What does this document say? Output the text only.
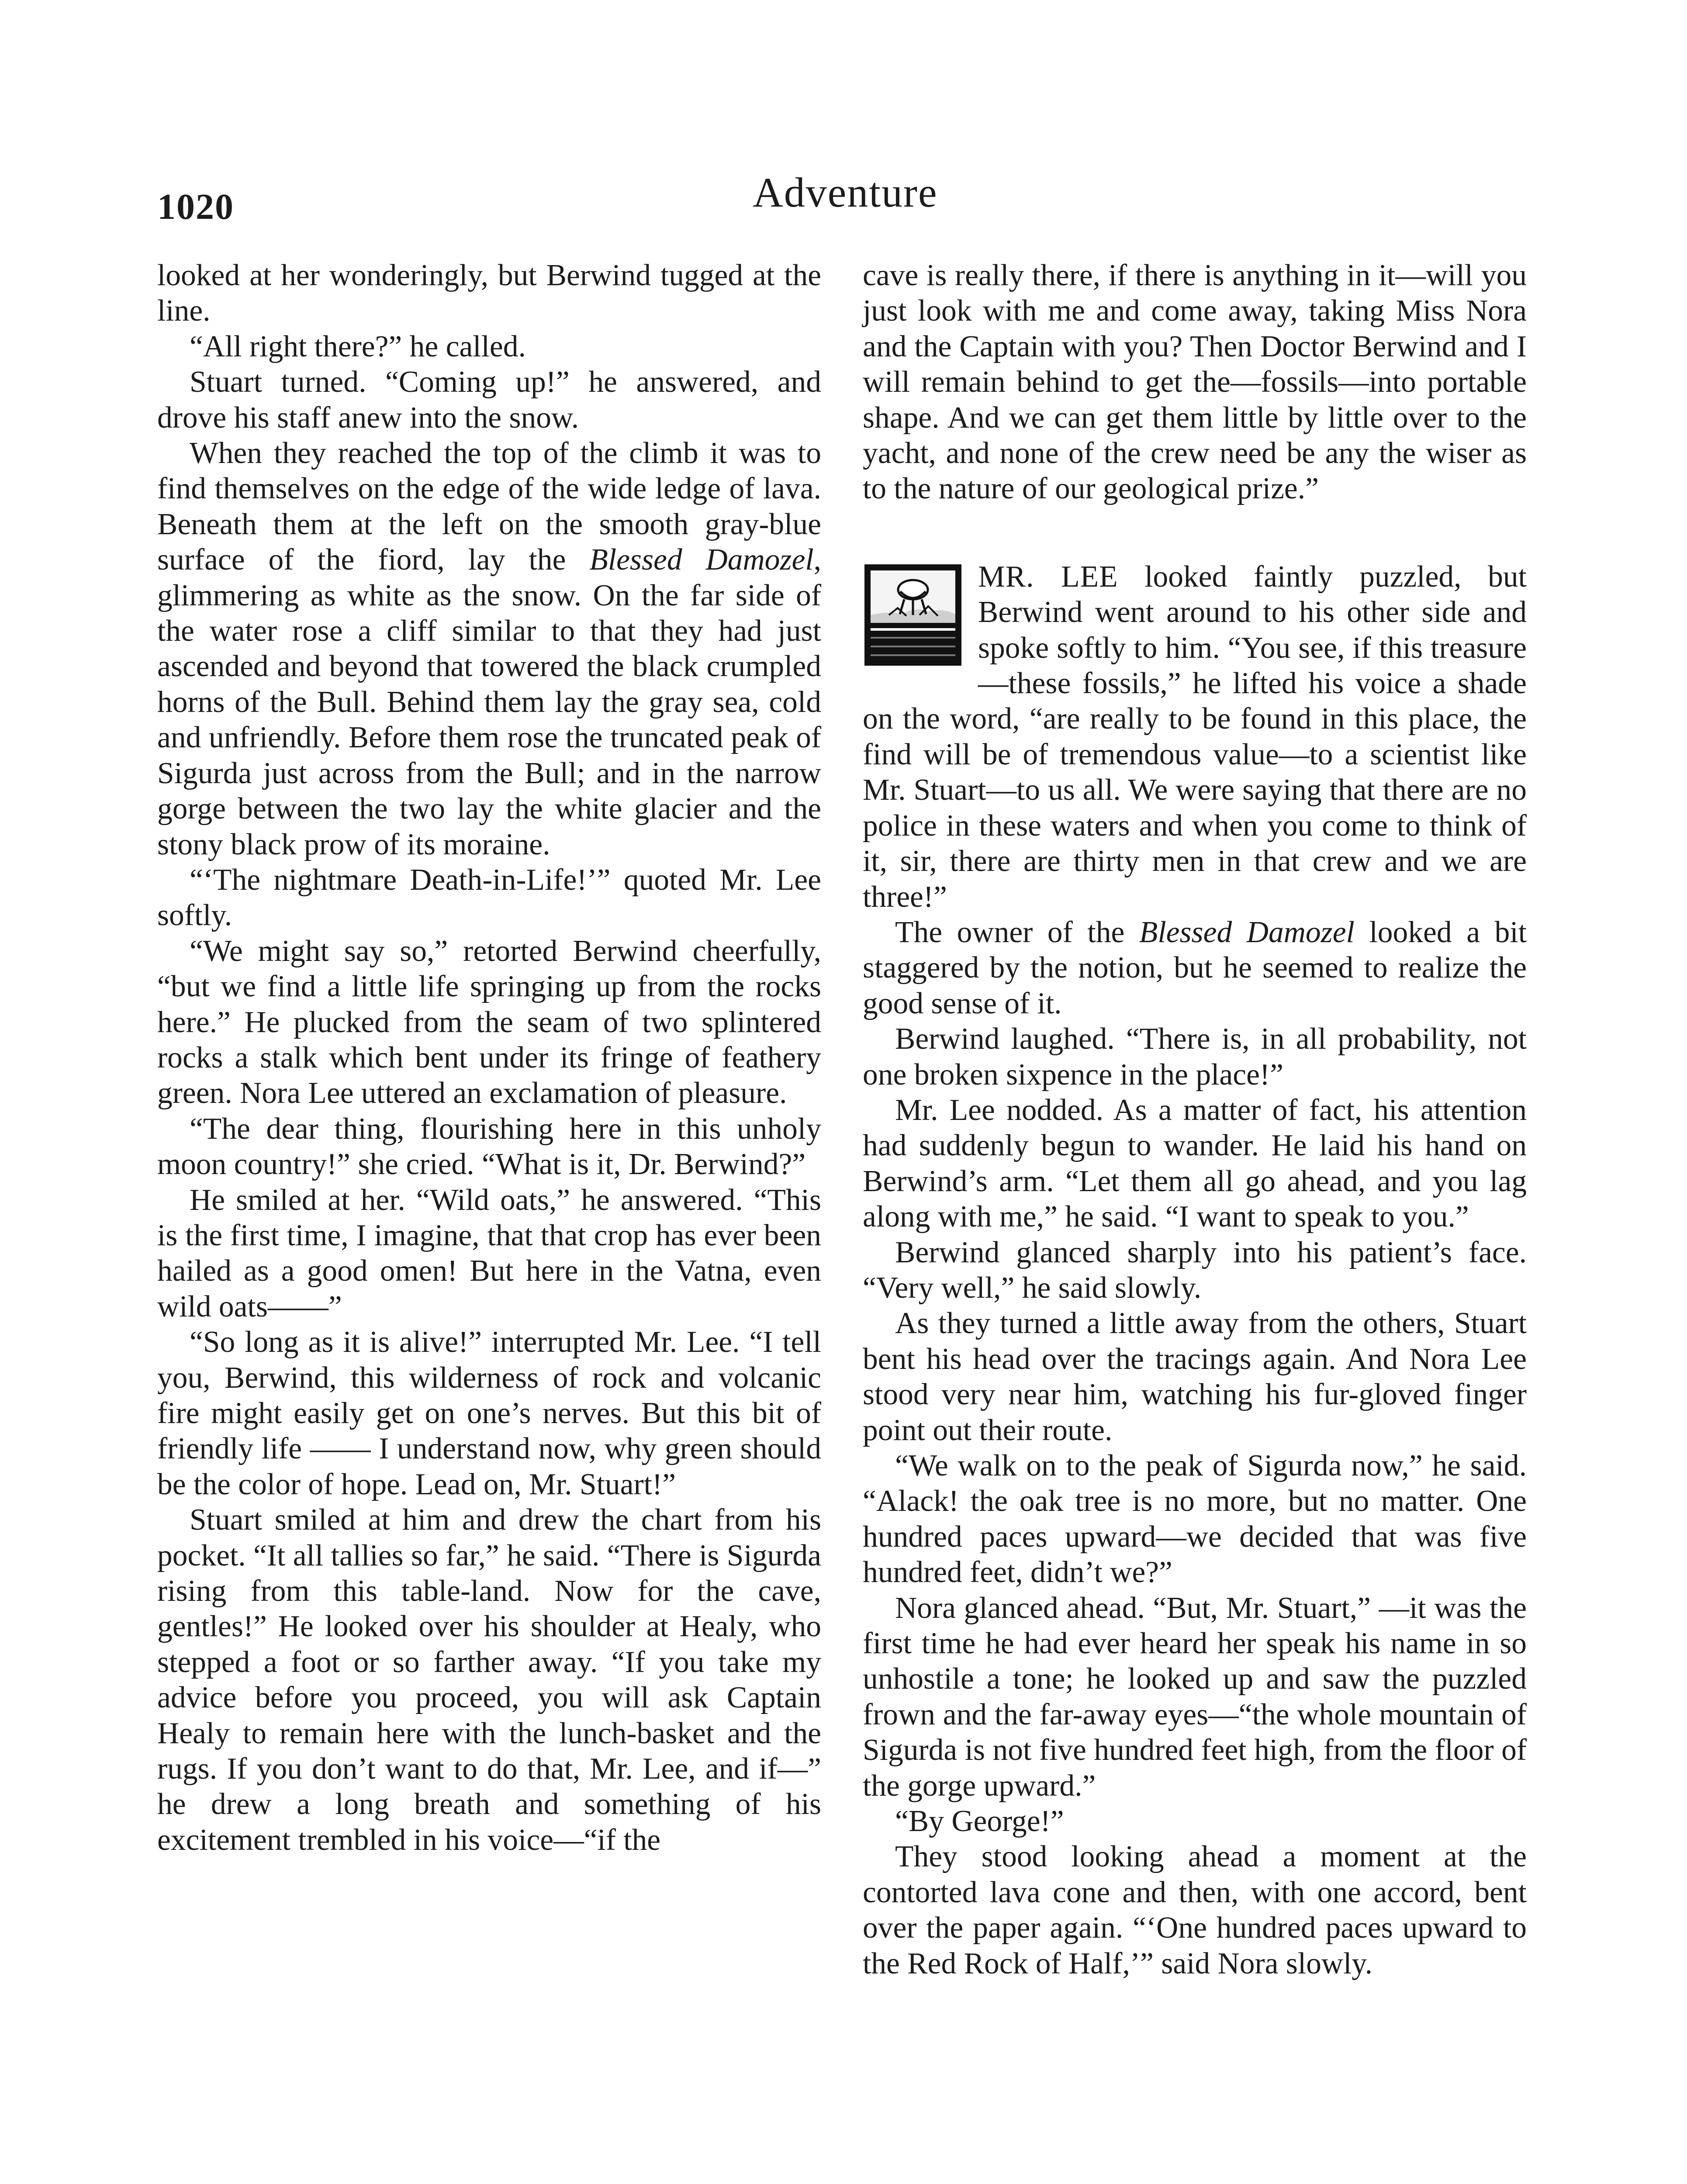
1020	Adventure

looked at her wonderingly, but Berwind tugged at the line.

“All right there?” he called.

Stuart turned. “Coming up!” he answered, and drove his staff anew into the snow.

When they reached the top of the climb it was to find themselves on the edge of the wide ledge of lava. Beneath them at the left on the smooth gray-blue surface of the fiord, lay the Blessed Damozel, glimmering as white as the snow. On the far side of the water rose a cliff similar to that they had just ascended and beyond that towered the black crumpled horns of the Bull. Behind them lay the gray sea, cold and unfriendly. Before them rose the truncated peak of Sigurda just across from the Bull; and in the narrow gorge between the two lay the white glacier and the stony black prow of its moraine.

“‘The nightmare Death-in-Life!’” quoted Mr. Lee softly.

“We might say so,” retorted Berwind cheerfully, “but we find a little life springing up from the rocks here.” He plucked from the seam of two splintered rocks a stalk which bent under its fringe of feathery green. Nora Lee uttered an exclamation of pleasure.

“The dear thing, flourishing here in this unholy moon country!” she cried. “What is it, Dr. Berwind?”

He smiled at her. “Wild oats,” he answered. “This is the first time, I imagine, that that crop has ever been hailed as a good omen! But here in the Vatna, even wild oats——”

“So long as it is alive!” interrupted Mr. Lee. “I tell you, Berwind, this wilderness of rock and volcanic fire might easily get on one’s nerves. But this bit of friendly life —— I understand now, why green should be the color of hope. Lead on, Mr. Stuart!”

Stuart smiled at him and drew the chart from his pocket. “It all tallies so far,” he said. “There is Sigurda rising from this table-land. Now for the cave, gentles!” He looked over his shoulder at Healy, who stepped a foot or so farther away. “If you take my advice before you proceed, you will ask Captain Healy to remain here with the lunch-basket and the rugs. If you don’t want to do that, Mr. Lee, and if—” he drew a long breath and something of his excitement trembled in his voice—“if the

cave is really there, if there is anything in it—will you just look with me and come away, taking Miss Nora and the Captain with you? Then Doctor Berwind and I will remain behind to get the—fossils—into portable shape. And we can get them little by little over to the yacht, and none of the crew need be any the wiser as to the nature of our geological prize.”

MR. LEE looked faintly puzzled, but Berwind went around to his other side and spoke softly to him. “You see, if this treasure—these fossils,” he lifted his voice a shade on the word, “are really to be found in this place, the find will be of tremendous value—to a scientist like Mr. Stuart—to us all. We were saying that there are no police in these waters and when you come to think of it, sir, there are thirty men in that crew and we are three!”

The owner of the Blessed Damozel looked a bit staggered by the notion, but he seemed to realize the good sense of it.

Berwind laughed. “There is, in all probability, not one broken sixpence in the place!”

Mr. Lee nodded. As a matter of fact, his attention had suddenly begun to wander. He laid his hand on Berwind’s arm. “Let them all go ahead, and you lag along with me,” he said. “I want to speak to you.”

Berwind glanced sharply into his patient’s face. “Very well,” he said slowly.

As they turned a little away from the others, Stuart bent his head over the tracings again. And Nora Lee stood very near him, watching his fur-gloved finger point out their route.

“We walk on to the peak of Sigurda now,” he said. “Alack! the oak tree is no more, but no matter. One hundred paces upward—we decided that was five hundred feet, didn’t we?”

Nora glanced ahead. “But, Mr. Stuart,” —it was the first time he had ever heard her speak his name in so unhostile a tone; he looked up and saw the puzzled frown and the far-away eyes—“the whole mountain of Sigurda is not five hundred feet high, from the floor of the gorge upward.”

“By George!”

They stood looking ahead a moment at the contorted lava cone and then, with one accord, bent over the paper again. “‘One hundred paces upward to the Red Rock of Half,’” said Nora slowly.
